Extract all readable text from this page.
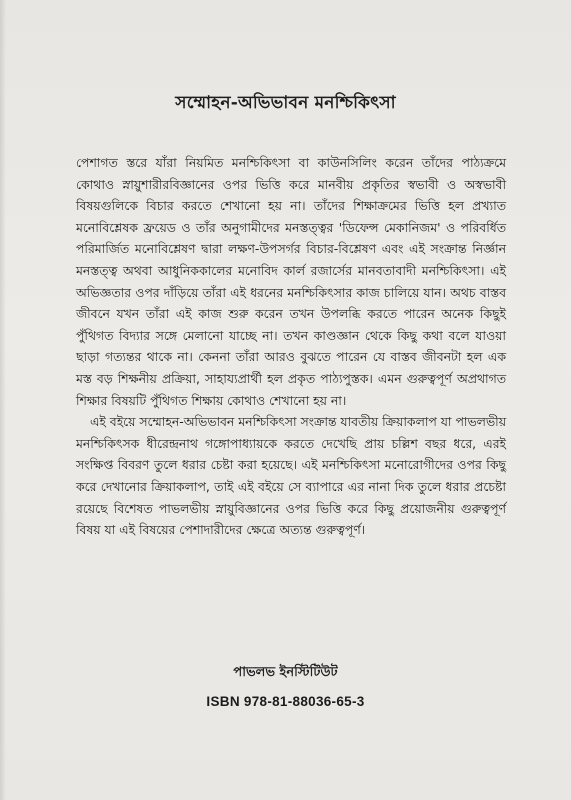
সম্মোহন-অভিভাবন মনশ্চিকিৎসা

পেশাগত স্তরে যাঁরা নিয়মিত মনশ্চিকিৎসা বা কাউনসিলিং করেন তাঁদের পাঠ্যক্রমে কোথাও স্নায়ুশারীরবিজ্ঞানের ওপর ভিত্তি করে মানবীয় প্রকৃতির স্বভাবী ও অস্বভাবী বিষয়গুলিকে বিচার করতে শেখানো হয় না। তাঁদের শিক্ষাক্রমের ভিত্তি হল প্রখ্যাত মনোবিশ্লেষক ফ্রয়েড ও তাঁর অনুগামীদের মনস্তত্ত্বর 'ডিফেন্স মেকানিজম' ও পরিবর্ধিত পরিমার্জিত মনোবিশ্লেষণ দ্বারা লক্ষণ-উপসর্গর বিচার-বিশ্লেষণ এবং এই সংক্রান্ত নির্জ্ঞান মনস্তত্ত্ব অথবা আধুনিককালের মনোবিদ কার্ল রজার্সের মানবতাবাদী মনশ্চিকিৎসা। এই অভিজ্ঞতার ওপর দাঁড়িয়ে তাঁরা এই ধরনের মনশ্চিকিৎসার কাজ চালিয়ে যান। অথচ বাস্তব জীবনে যখন তাঁরা এই কাজ শুরু করেন তখন উপলব্ধি করতে পারেন অনেক কিছুই পুঁথিগত বিদ্যার সঙ্গে মেলানো যাচ্ছে না। তখন কাণ্ডজ্ঞান থেকে কিছু কথা বলে যাওয়া ছাড়া গত্যন্তর থাকে না। কেননা তাঁরা আরও বুঝতে পারেন যে বাস্তব জীবনটা হল এক মস্ত বড় শিক্ষনীয় প্রক্রিয়া, সাহায্যপ্রার্থী হল প্রকৃত পাঠ্যপুস্তক। এমন গুরুত্বপূর্ণ অপ্রথাগত শিক্ষার বিষয়টি পুঁথিগত শিক্ষায় কোথাও শেখানো হয় না।

এই বইয়ে সম্মোহন-অভিভাবন মনশ্চিকিৎসা সংক্রান্ত যাবতীয় ক্রিয়াকলাপ যা পাভলভীয় মনশ্চিকিৎসক ধীরেন্দ্রনাথ গঙ্গোপাধ্যায়কে করতে দেখেছি প্রায় চল্লিশ বছর ধরে, এরই সংক্ষিপ্ত বিবরণ তুলে ধরার চেষ্টা করা হয়েছে। এই মনশ্চিকিৎসা মনোরোগীদের ওপর কিছু করে দেখানোর ক্রিয়াকলাপ, তাই এই বইয়ে সে ব্যাপারে এর নানা দিক তুলে ধরার প্রচেষ্টা রয়েছে বিশেষত পাভলভীয় স্নায়ুবিজ্ঞানের ওপর ভিত্তি করে কিছু প্রয়োজনীয় গুরুত্বপূর্ণ বিষয় যা এই বিষয়ের পেশাদারীদের ক্ষেত্রে অত্যন্ত গুরুত্বপূর্ণ।

পাভলভ ইনস্টিটিউট
ISBN 978-81-88036-65-3
